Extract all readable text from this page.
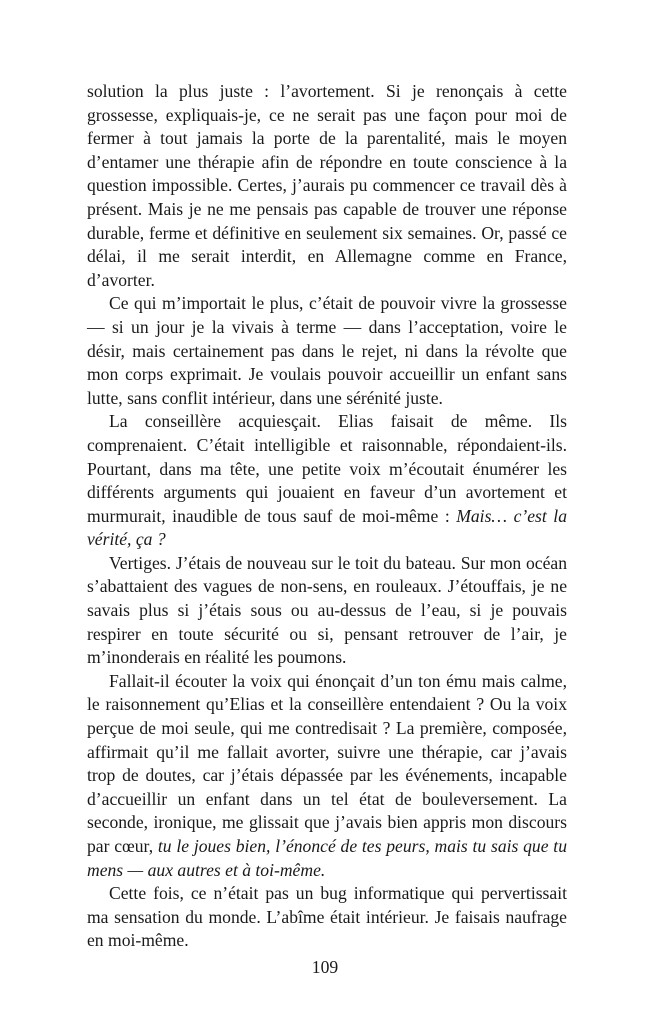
solution la plus juste : l’avortement. Si je renonçais à cette grossesse, expliquais-je, ce ne serait pas une façon pour moi de fermer à tout jamais la porte de la parentalité, mais le moyen d’entamer une thérapie afin de répondre en toute conscience à la question impossible. Certes, j’aurais pu commencer ce travail dès à présent. Mais je ne me pensais pas capable de trouver une réponse durable, ferme et définitive en seulement six semaines. Or, passé ce délai, il me serait interdit, en Allemagne comme en France, d’avorter.

Ce qui m’importait le plus, c’était de pouvoir vivre la grossesse — si un jour je la vivais à terme — dans l’acceptation, voire le désir, mais certainement pas dans le rejet, ni dans la révolte que mon corps exprimait. Je voulais pouvoir accueillir un enfant sans lutte, sans conflit intérieur, dans une sérénité juste.

La conseillère acquiesçait. Elias faisait de même. Ils comprenaient. C’était intelligible et raisonnable, répondaient-ils. Pourtant, dans ma tête, une petite voix m’écoutait énumérer les différents arguments qui jouaient en faveur d’un avortement et murmurait, inaudible de tous sauf de moi-même : Mais… c’est la vérité, ça ?

Vertiges. J’étais de nouveau sur le toit du bateau. Sur mon océan s’abattaient des vagues de non-sens, en rouleaux. J’étouffais, je ne savais plus si j’étais sous ou au-dessus de l’eau, si je pouvais respirer en toute sécurité ou si, pensant retrouver de l’air, je m’inonderais en réalité les poumons.

Fallait-il écouter la voix qui énonçait d’un ton ému mais calme, le raisonnement qu’Elias et la conseillère entendaient ? Ou la voix perçue de moi seule, qui me contredisait ? La première, composée, affirmait qu’il me fallait avorter, suivre une thérapie, car j’avais trop de doutes, car j’étais dépassée par les événements, incapable d’accueillir un enfant dans un tel état de bouleversement. La seconde, ironique, me glissait que j’avais bien appris mon discours par cœur, tu le joues bien, l’énoncé de tes peurs, mais tu sais que tu mens — aux autres et à toi-même.

Cette fois, ce n’était pas un bug informatique qui pervertissait ma sensation du monde. L’abîme était intérieur. Je faisais naufrage en moi-même.

109
